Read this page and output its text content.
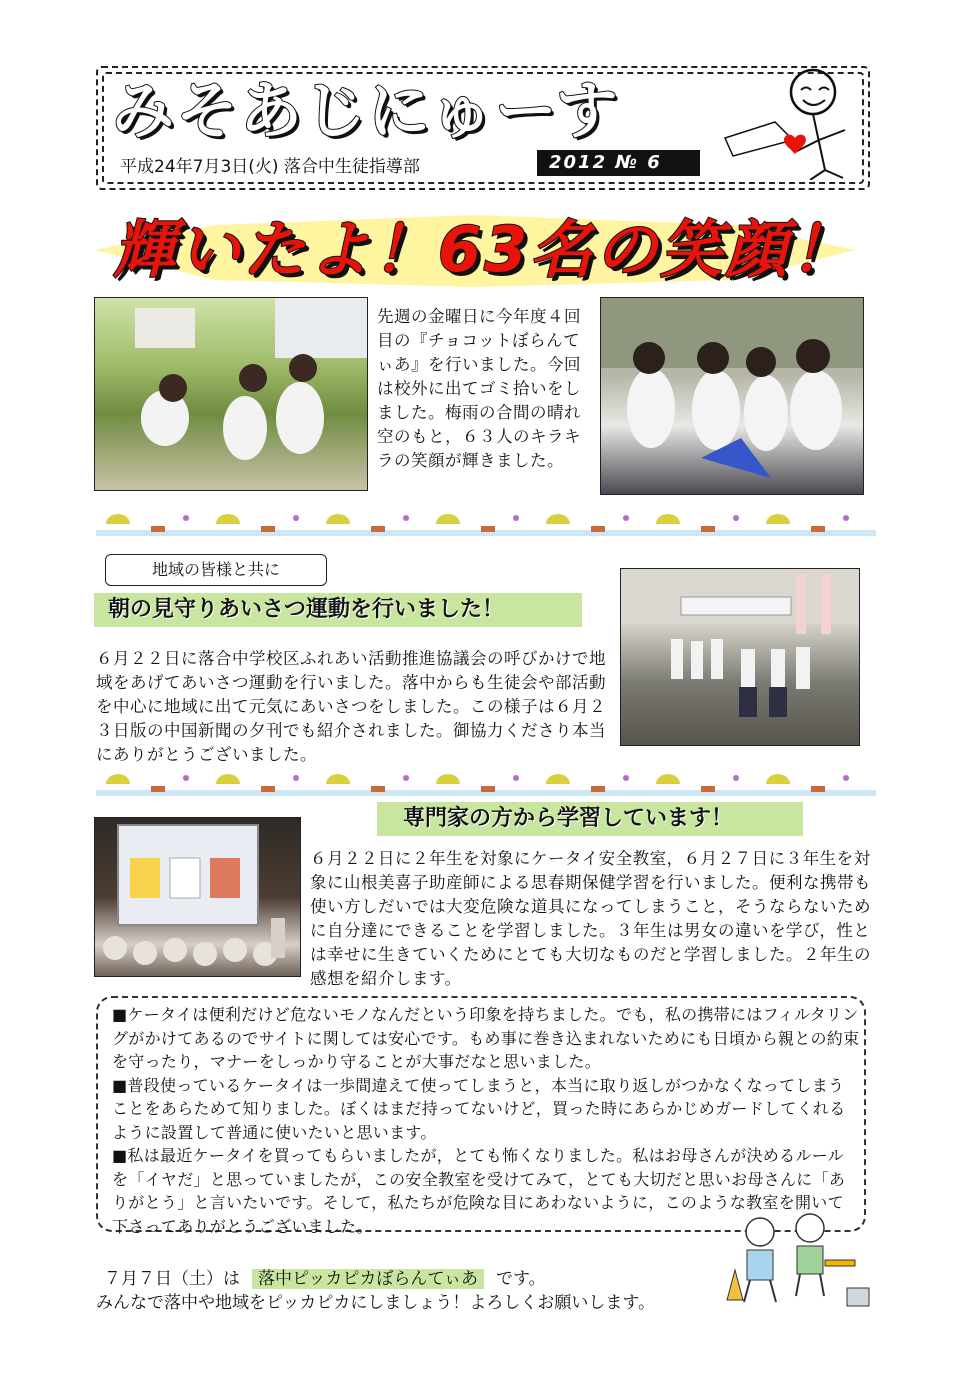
みそあじにゅーす
平成24年7月3日(火) 落合中生徒指導部	2012 № 6
輝いたよ！63名の笑顔！
先週の金曜日に今年度４回目の『チョコットぼらんてぃあ』を行いました。今回は校外に出てゴミ拾いをしました。梅雨の合間の晴れ空のもと，６３人のキラキラの笑顔が輝きました。
地域の皆様と共に
朝の見守りあいさつ運動を行いました！
６月２２日に落合中学校区ふれあい活動推進協議会の呼びかけで地域をあげてあいさつ運動を行いました。落中からも生徒会や部活動を中心に地域に出て元気にあいさつをしました。この様子は６月２３日版の中国新聞の夕刊でも紹介されました。御協力くださり本当にありがとうございました。
専門家の方から学習しています！
６月２２日に２年生を対象にケータイ安全教室，６月２７日に３年生を対象に山根美喜子助産師による思春期保健学習を行いました。便利な携帯も使い方しだいでは大変危険な道具になってしまうこと，そうならないために自分達にできることを学習しました。３年生は男女の違いを学び，性とは幸せに生きていくためにとても大切なものだと学習しました。２年生の感想を紹介します。

■ケータイは便利だけど危ないモノなんだという印象を持ちました。でも，私の携帯にはフィルタリングがかけてあるのでサイトに関しては安心です。もめ事に巻き込まれないためにも日頃から親との約束を守ったり，マナーをしっかり守ることが大事だなと思いました。

■普段使っているケータイは一歩間違えて使ってしまうと，本当に取り返しがつかなくなってしまうことをあらためて知りました。ぼくはまだ持ってないけど，買った時にあらかじめガードしてくれるように設置して普通に使いたいと思います。

■私は最近ケータイを買ってもらいましたが，とても怖くなりました。私はお母さんが決めるルールを「イヤだ」と思っていましたが，この安全教室を受けてみて，とても大切だと思いお母さんに「ありがとう」と言いたいです。そして，私たちが危険な目にあわないように，このような教室を開いて下さってありがとうございました。

７月７日（土）は 落中ピッカピカぼらんてぃあ です。
みんなで落中や地域をピッカピカにしましょう！よろしくお願いします。
